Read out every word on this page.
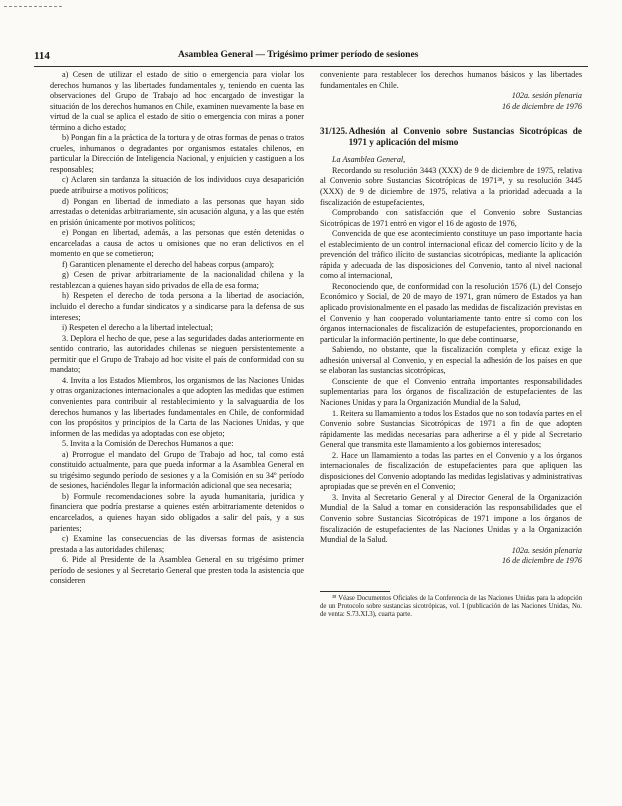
114	Asamblea General — Trigésimo primer período de sesiones

a) Cesen de utilizar el estado de sitio o emergencia para violar los derechos humanos y las libertades fundamentales y, teniendo en cuenta las observaciones del Grupo de Trabajo ad hoc encargado de investigar la situación de los derechos humanos en Chile, examinen nuevamente la base en virtud de la cual se aplica el estado de sitio o emergencia con miras a poner término a dicho estado;

b) Pongan fin a la práctica de la tortura y de otras formas de penas o tratos crueles, inhumanos o degradantes por organismos estatales chilenos, en particular la Dirección de Inteligencia Nacional, y enjuicien y castiguen a los responsables;

c) Aclaren sin tardanza la situación de los individuos cuya desaparición puede atribuirse a motivos políticos;

d) Pongan en libertad de inmediato a las personas que hayan sido arrestadas o detenidas arbitrariamente, sin acusación alguna, y a las que estén en prisión únicamente por motivos políticos;

e) Pongan en libertad, además, a las personas que estén detenidas o encarceladas a causa de actos u omisiones que no eran delictivos en el momento en que se cometieron;

f) Garanticen plenamente el derecho del habeas corpus (amparo);

g) Cesen de privar arbitrariamente de la nacionalidad chilena y la restablezcan a quienes hayan sido privados de ella de esa forma;

h) Respeten el derecho de toda persona a la libertad de asociación, incluido el derecho a fundar sindicatos y a sindicarse para la defensa de sus intereses;

i) Respeten el derecho a la libertad intelectual;

3. Deplora el hecho de que, pese a las seguridades dadas anteriormente en sentido contrario, las autoridades chilenas se nieguen persistentemente a permitir que el Grupo de Trabajo ad hoc visite el país de conformidad con su mandato;

4. Invita a los Estados Miembros, los organismos de las Naciones Unidas y otras organizaciones internacionales a que adopten las medidas que estimen convenientes para contribuir al restablecimiento y la salvaguardia de los derechos humanos y las libertades fundamentales en Chile, de conformidad con los propósitos y principios de la Carta de las Naciones Unidas, y que informen de las medidas ya adoptadas con ese objeto;

5. Invita a la Comisión de Derechos Humanos a que:

a) Prorrogue el mandato del Grupo de Trabajo ad hoc, tal como está constituido actualmente, para que pueda informar a la Asamblea General en su trigésimo segundo período de sesiones y a la Comisión en su 34º período de sesiones, haciéndoles llegar la información adicional que sea necesaria;

b) Formule recomendaciones sobre la ayuda humanitaria, jurídica y financiera que podría prestarse a quienes estén arbitrariamente detenidos o encarcelados, a quienes hayan sido obligados a salir del país, y a sus parientes;

c) Examine las consecuencias de las diversas formas de asistencia prestada a las autoridades chilenas;

6. Pide al Presidente de la Asamblea General en su trigésimo primer período de sesiones y al Secretario General que presten toda la asistencia que consideren

conveniente para restablecer los derechos humanos básicos y las libertades fundamentales en Chile.

102a. sesión plenaria

16 de diciembre de 1976

31/125. Adhesión al Convenio sobre Sustancias Sicotrópicas de 1971 y aplicación del mismo

La Asamblea General,

Recordando su resolución 3443 (XXX) de 9 de diciembre de 1975, relativa al Convenio sobre Sustancias Sicotrópicas de 1971³⁸, y su resolución 3445 (XXX) de 9 de diciembre de 1975, relativa a la prioridad adecuada a la fiscalización de estupefacientes,

Comprobando con satisfacción que el Convenio sobre Sustancias Sicotrópicas de 1971 entró en vigor el 16 de agosto de 1976,

Convencida de que ese acontecimiento constituye un paso importante hacia el establecimiento de un control internacional eficaz del comercio lícito y de la prevención del tráfico ilícito de sustancias sicotrópicas, mediante la aplicación rápida y adecuada de las disposiciones del Convenio, tanto al nivel nacional como al internacional,

Reconociendo que, de conformidad con la resolución 1576 (L) del Consejo Económico y Social, de 20 de mayo de 1971, gran número de Estados ya han aplicado provisionalmente en el pasado las medidas de fiscalización previstas en el Convenio y han cooperado voluntariamente tanto entre sí como con los órganos internacionales de fiscalización de estupefacientes, proporcionando en particular la información pertinente, lo que debe continuarse,

Sabiendo, no obstante, que la fiscalización completa y eficaz exige la adhesión universal al Convenio, y en especial la adhesión de los países en que se elaboran las sustancias sicotrópicas,

Consciente de que el Convenio entraña importantes responsabilidades suplementarias para los órganos de fiscalización de estupefacientes de las Naciones Unidas y para la Organización Mundial de la Salud,

1. Reitera su llamamiento a todos los Estados que no son todavía partes en el Convenio sobre Sustancias Sicotrópicas de 1971 a fin de que adopten rápidamente las medidas necesarias para adherirse a él y pide al Secretario General que transmita este llamamiento a los gobiernos interesados;

2. Hace un llamamiento a todas las partes en el Convenio y a los órganos internacionales de fiscalización de estupefacientes para que apliquen las disposiciones del Convenio adoptando las medidas legislativas y administrativas apropiadas que se prevén en el Convenio;

3. Invita al Secretario General y al Director General de la Organización Mundial de la Salud a tomar en consideración las responsabilidades que el Convenio sobre Sustancias Sicotrópicas de 1971 impone a los órganos de fiscalización de estupefacientes de las Naciones Unidas y a la Organización Mundial de la Salud.

102a. sesión plenaria

16 de diciembre de 1976

³⁸ Véase Documentos Oficiales de la Conferencia de las Naciones Unidas para la adopción de un Protocolo sobre sustancias sicotrópicas, vol. I (publicación de las Naciones Unidas, No. de venta: S.73.XI.3), cuarta parte.
